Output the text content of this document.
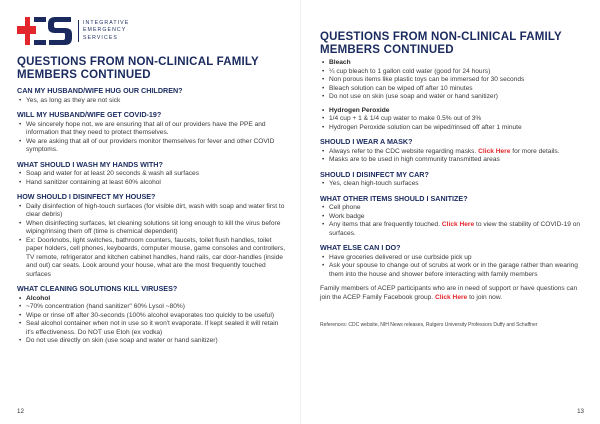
INTEGRATIVE
EMERGENCY
SERVICES
QUESTIONS FROM NON-CLINICAL FAMILY MEMBERS CONTINUED
CAN MY HUSBAND/WIFE HUG OUR CHILDREN?
• Yes, as long as they are not sick
WILL MY HUSBAND/WIFE GET COVID-19?
• We sincerely hope not, we are ensuring that all of our providers have the PPE and information that they need to protect themselves.
• We are asking that all of our providers monitor themselves for fever and other COVID symptoms.
WHAT SHOULD I WASH MY HANDS WITH?
• Soap and water for at least 20 seconds & wash all surfaces
• Hand sanitizer containing at least 60% alcohol
HOW SHOULD I DISINFECT MY HOUSE?
• Daily disinfection of high-touch surfaces (for visible dirt, wash with soap and water first to clear debris)
• When disinfecting surfaces, let cleaning solutions sit long enough to kill the virus before wiping/rinsing them off (time is chemical dependent)
• Ex: Doorknobs, light switches, bathroom counters, faucets, toilet flush handles, toilet paper holders, cell phones, keyboards, computer mouse, game consoles and controllers, TV remote, refrigerator and kitchen cabinet handles, hand rails, car door-handles (inside and out) car seats. Look around your house, what are the most frequently touched surfaces
WHAT CLEANING SOLUTIONS KILL VIRUSES?
• Alcohol
• ~70% concentration (hand sanitizer" 60% Lysol ~80%)
• Wipe or rinse off after 30-seconds (100% alcohol evaporates too quickly to be useful)
• Seal alcohol container when not in use so it won't evaporate. If kept sealed it will retain it's effectiveness. Do NOT use Etoh (ex vodka)
• Do not use directly on skin (use soap and water or hand sanitizer)
12
QUESTIONS FROM NON-CLINICAL FAMILY MEMBERS CONTINUED
• Bleach
• ¼ cup bleach to 1 gallon cold water (good for 24 hours)
• Non porous items like plastic toys can be immersed for 30 seconds
• Bleach solution can be wiped off after 10 minutes
• Do not use on skin (use soap and water or hand sanitizer)
• Hydrogen Peroxide
• 1/4 cup + 1 & 1/4 cup water to make 0.5% out of 3%
• Hydrogen Peroxide solution can be wiped/rinsed off after 1 minute
SHOULD I WEAR A MASK?
• Always refer to the CDC website regarding masks. Click Here for more details.
• Masks are to be used in high community transmitted areas
SHOULD I DISINFECT MY CAR?
• Yes, clean high-touch surfaces
WHAT OTHER ITEMS SHOULD I SANITIZE?
• Cell phone
• Work badge
• Any items that are frequently touched. Click Here to view the stability of COVID-19 on surfaces.
WHAT ELSE CAN I DO?
• Have groceries delivered or use curbside pick up
• Ask your spouse to change out of scrubs at work or in the garage rather than wearing them into the house and shower before interacting with family members
Family members of ACEP participants who are in need of support or have questions can join the ACEP Family Facebook group. Click Here to join now.
References: CDC website, NIH News releases, Rutgers University Professors Duffy and Schaffner
13
